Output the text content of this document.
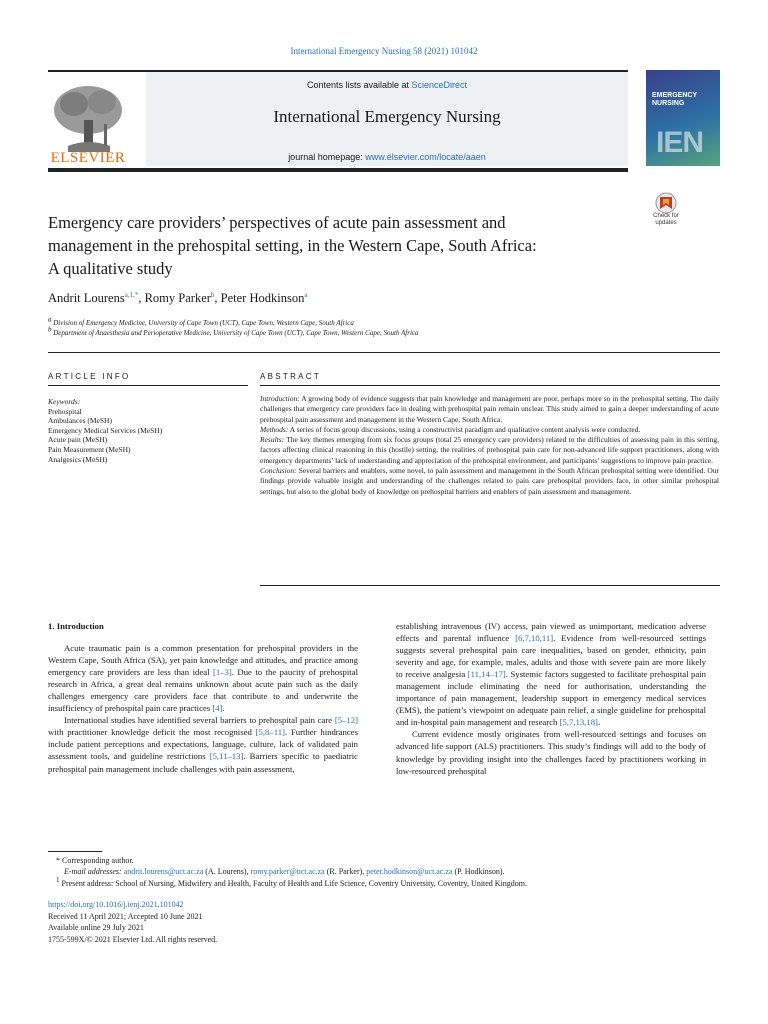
International Emergency Nursing 58 (2021) 101042
ELSEVIER
Contents lists available at ScienceDirect
International Emergency Nursing
journal homepage: www.elsevier.com/locate/aaen
EMERGENCY
NURSING
IEN
Check for updates
Emergency care providers’ perspectives of acute pain assessment and
management in the prehospital setting, in the Western Cape, South Africa:
A qualitative study
Andrit Lourens$^{a,1,*}$, Romy Parker$^b$, Peter Hodkinson$^a$
$^a$ Division of Emergency Medicine, University of Cape Town (UCT), Cape Town, Western Cape, South Africa
$^b$ Department of Anaesthesia and Perioperative Medicine, University of Cape Town (UCT), Cape Town, Western Cape, South Africa
ARTICLE INFO	ABSTRACT
Keywords:
Prehospital
Ambulances (MeSH)
Emergency Medical Services (MeSH)
Acute pain (MeSH)
Pain Measurement (MeSH)
Analgesics (MeSH)

Introduction: A growing body of evidence suggests that pain knowledge and management are poor, perhaps more so in the prehospital setting. The daily challenges that emergency care providers face in dealing with prehospital pain remain unclear. This study aimed to gain a deeper understanding of acute prehospital pain assessment and management in the Western Cape, South Africa.

Methods: A series of focus group discussions, using a constructivist paradigm and qualitative content analysis were conducted.

Results: The key themes emerging from six focus groups (total 25 emergency care providers) related to the difficulties of assessing pain in this setting, factors affecting clinical reasoning in this (hostile) setting, the realities of prehospital pain care for non-advanced life support practitioners, along with emergency departments’ lack of understanding and appreciation of the prehospital environment, and participants’ suggestions to improve pain practice.

Conclusion: Several barriers and enablers, some novel, to pain assessment and management in the South African prehospital setting were identified. Our findings provide valuable insight and understanding of the challenges related to pain care prehospital providers face, in other similar prehospital settings, but also to the global body of knowledge on prehospital barriers and enablers of pain assessment and management.

1. Introduction

Acute traumatic pain is a common presentation for prehospital providers in the Western Cape, South Africa (SA), yet pain knowledge and attitudes, and practice among emergency care providers are less than ideal [1–3]. Due to the paucity of prehospital research in Africa, a great deal remains unknown about acute pain such as the daily challenges emergency care providers face that contribute to and underwrite the insufficiency of prehospital pain care practices [4].

International studies have identified several barriers to prehospital pain care [5–12] with practitioner knowledge deficit the most recognised [5,8–11]. Further hindrances include patient perceptions and expectations, language, culture, lack of validated pain assessment tools, and guideline restrictions [5,11–13]. Barriers specific to paediatric prehospital pain management include challenges with pain assessment,

establishing intravenous (IV) access, pain viewed as unimportant, medication adverse effects and parental influence [6,7,10,11]. Evidence from well-resourced settings suggests several prehospital pain care inequalities, based on gender, ethnicity, pain severity and age, for example, males, adults and those with severe pain are more likely to receive analgesia [11,14–17]. Systemic factors suggested to facilitate prehospital pain management include eliminating the need for authorisation, understanding the importance of pain management, leadership support in emergency medical services (EMS), the patient’s viewpoint on adequate pain relief, a single guideline for prehospital and in-hospital pain management and research [5,7,13,18].

Current evidence mostly originates from well-resourced settings and focuses on advanced life support (ALS) practitioners. This study’s findings will add to the body of knowledge by providing insight into the challenges faced by practitioners working in low-resourced prehospital

* Corresponding author.
E-mail addresses: andrit.lourens@uct.ac.za (A. Lourens), romy.parker@uct.ac.za (R. Parker), peter.hodkinson@uct.ac.za (P. Hodkinson).
$^1$ Present address: School of Nursing, Midwifery and Health, Faculty of Health and Life Science, Coventry University, Coventry, United Kingdom.
https://doi.org/10.1016/j.ienj.2021.101042
Received 11 April 2021; Accepted 10 June 2021
Available online 29 July 2021
1755-599X/© 2021 Elsevier Ltd. All rights reserved.
